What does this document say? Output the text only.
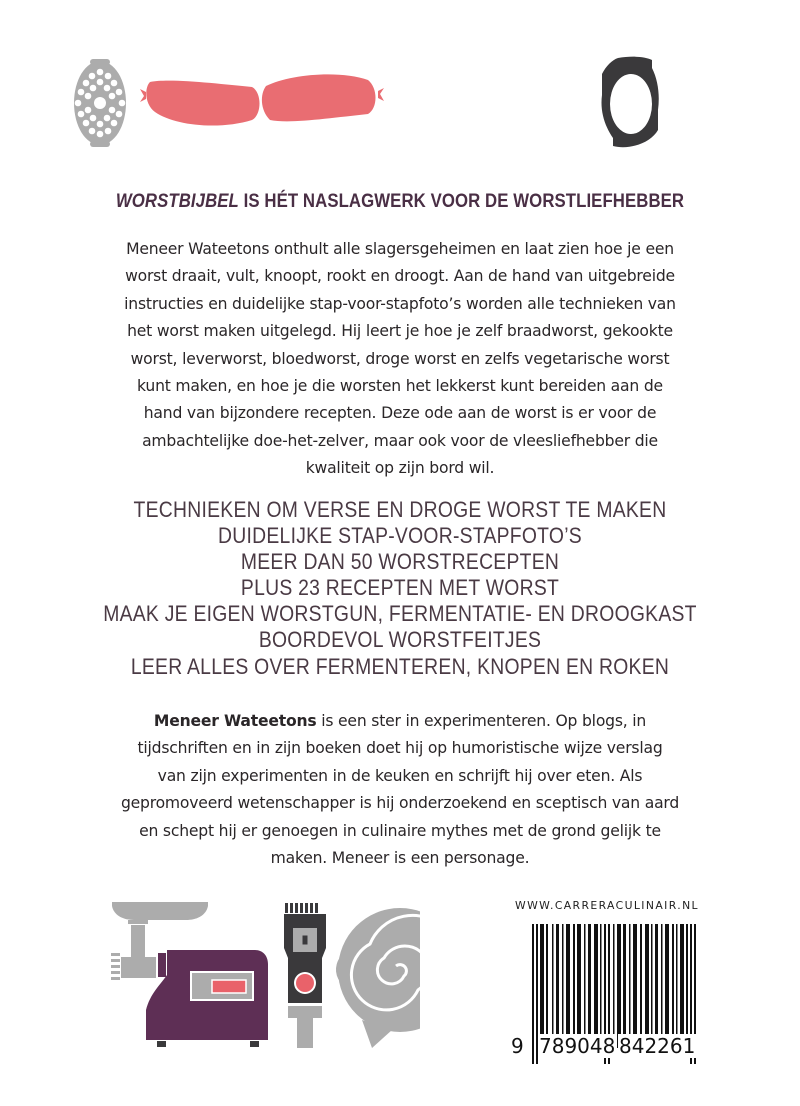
WORSTBIJBEL IS HÉT NASLAGWERK VOOR DE WORSTLIEFHEBBER
Meneer Wateetons onthult alle slagersgeheimen en laat zien hoe je een
worst draait, vult, knoopt, rookt en droogt. Aan de hand van uitgebreide
instructies en duidelijke stap-voor-stapfoto’s worden alle technieken van
het worst maken uitgelegd. Hij leert je hoe je zelf braadworst, gekookte
worst, leverworst, bloedworst, droge worst en zelfs vegetarische worst
kunt maken, en hoe je die worsten het lekkerst kunt bereiden aan de
hand van bijzondere recepten. Deze ode aan de worst is er voor de
ambachtelijke doe-het-zelver, maar ook voor de vleesliefhebber die
kwaliteit op zijn bord wil.
TECHNIEKEN OM VERSE EN DROGE WORST TE MAKEN
DUIDELIJKE STAP-VOOR-STAPFOTO’S
MEER DAN 50 WORSTRECEPTEN
PLUS 23 RECEPTEN MET WORST
MAAK JE EIGEN WORSTGUN, FERMENTATIE- EN DROOGKAST
BOORDEVOL WORSTFEITJES
LEER ALLES OVER FERMENTEREN, KNOPEN EN ROKEN
Meneer Wateetons is een ster in experimenteren. Op blogs, in
tijdschriften en in zijn boeken doet hij op humoristische wijze verslag
van zijn experimenten in de keuken en schrijft hij over eten. Als
gepromoveerd wetenschapper is hij onderzoekend en sceptisch van aard
en schept hij er genoegen in culinaire mythes met de grond gelijk te
maken. Meneer is een personage.
WWW.CARRERACULINAIR.NL
9 789048 842261
